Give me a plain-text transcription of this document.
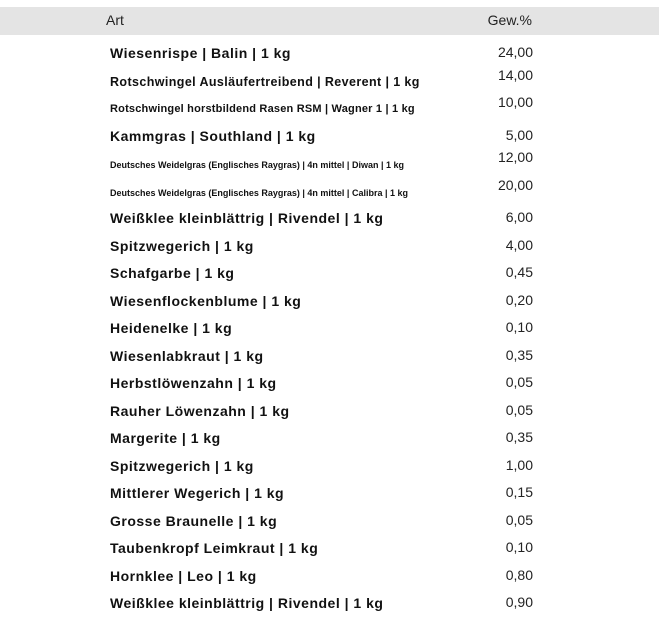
Art	Gew.%
Wiesenrispe | Balin | 1 kg	24,00
Rotschwingel Ausläufertreibend | Reverent | 1 kg	14,00
Rotschwingel horstbildend Rasen RSM | Wagner 1 | 1 kg	10,00
Kammgras | Southland | 1 kg	5,00
Deutsches Weidelgras (Englisches Raygras) | 4n mittel | Diwan | 1 kg	12,00
Deutsches Weidelgras (Englisches Raygras) | 4n mittel | Calibra | 1 kg	20,00
Weißklee kleinblättrig | Rivendel | 1 kg	6,00
Spitzwegerich | 1 kg	4,00
Schafgarbe | 1 kg	0,45
Wiesenflockenblume | 1 kg	0,20
Heidenelke | 1 kg	0,10
Wiesenlabkraut | 1 kg	0,35
Herbstlöwenzahn | 1 kg	0,05
Rauher Löwenzahn | 1 kg	0,05
Margerite | 1 kg	0,35
Spitzwegerich | 1 kg	1,00
Mittlerer Wegerich | 1 kg	0,15
Grosse Braunelle | 1 kg	0,05
Taubenkropf Leimkraut | 1 kg	0,10
Hornklee | Leo | 1 kg	0,80
Weißklee kleinblättrig | Rivendel | 1 kg	0,90
